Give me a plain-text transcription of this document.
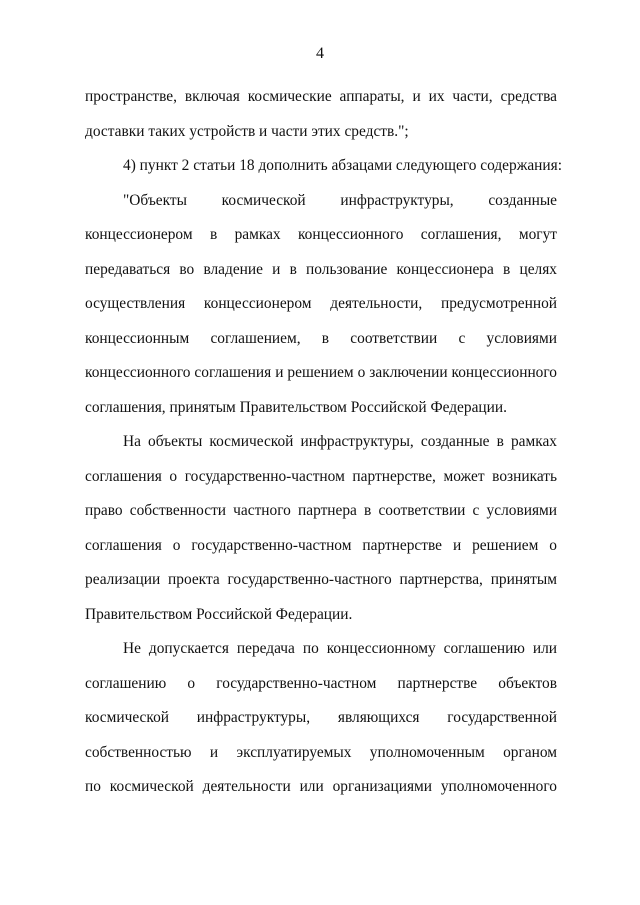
4
пространстве, включая космические аппараты, и их части, средства
доставки таких устройств и части этих средств.";
4) пункт 2 статьи 18 дополнить абзацами следующего содержания:
"Объекты космической инфраструктуры, созданные
концессионером в рамках концессионного соглашения, могут
передаваться во владение и в пользование концессионера в целях
осуществления концессионером деятельности, предусмотренной
концессионным соглашением, в соответствии с условиями
концессионного соглашения и решением о заключении концессионного
соглашения, принятым Правительством Российской Федерации.
На объекты космической инфраструктуры, созданные в рамках
соглашения о государственно-частном партнерстве, может возникать
право собственности частного партнера в соответствии с условиями
соглашения о государственно-частном партнерстве и решением о
реализации проекта государственно-частного партнерства, принятым
Правительством Российской Федерации.
Не допускается передача по концессионному соглашению или
соглашению о государственно-частном партнерстве объектов
космической инфраструктуры, являющихся государственной
собственностью и эксплуатируемых уполномоченным органом
по космической деятельности или организациями уполномоченного
